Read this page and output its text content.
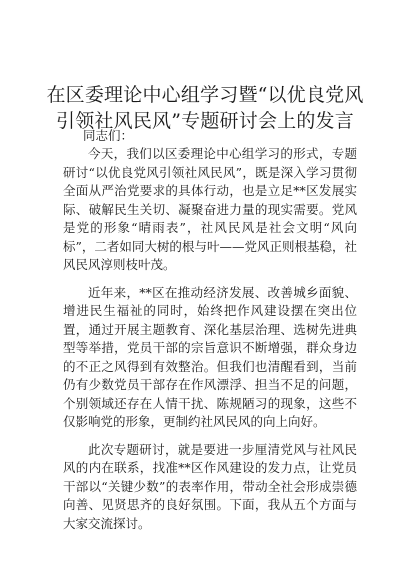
在区委理论中心组学习暨“以优良党风引领社风民风”专题研讨会上的发言
同志们：

今天，我们以区委理论中心组学习的形式，专题研讨“以优良党风引领社风民风”，既是深入学习贯彻全面从严治党要求的具体行动，也是立足**区发展实际、破解民生关切、凝聚奋进力量的现实需要。党风是党的形象“晴雨表”，社风民风是社会文明“风向标”，二者如同大树的根与叶——党风正则根基稳，社风民风淳则枝叶茂。

近年来，**区在推动经济发展、改善城乡面貌、增进民生福祉的同时，始终把作风建设摆在突出位置，通过开展主题教育、深化基层治理、选树先进典型等举措，党员干部的宗旨意识不断增强，群众身边的不正之风得到有效整治。但我们也清醒看到，当前仍有少数党员干部存在作风漂浮、担当不足的问题，个别领域还存在人情干扰、陈规陋习的现象，这些不仅影响党的形象，更制约社风民风的向上向好。

此次专题研讨，就是要进一步厘清党风与社风民风的内在联系，找准**区作风建设的发力点，让党员干部以“关键少数”的表率作用，带动全社会形成崇德向善、见贤思齐的良好氛围。下面，我从五个方面与大家交流探讨。
